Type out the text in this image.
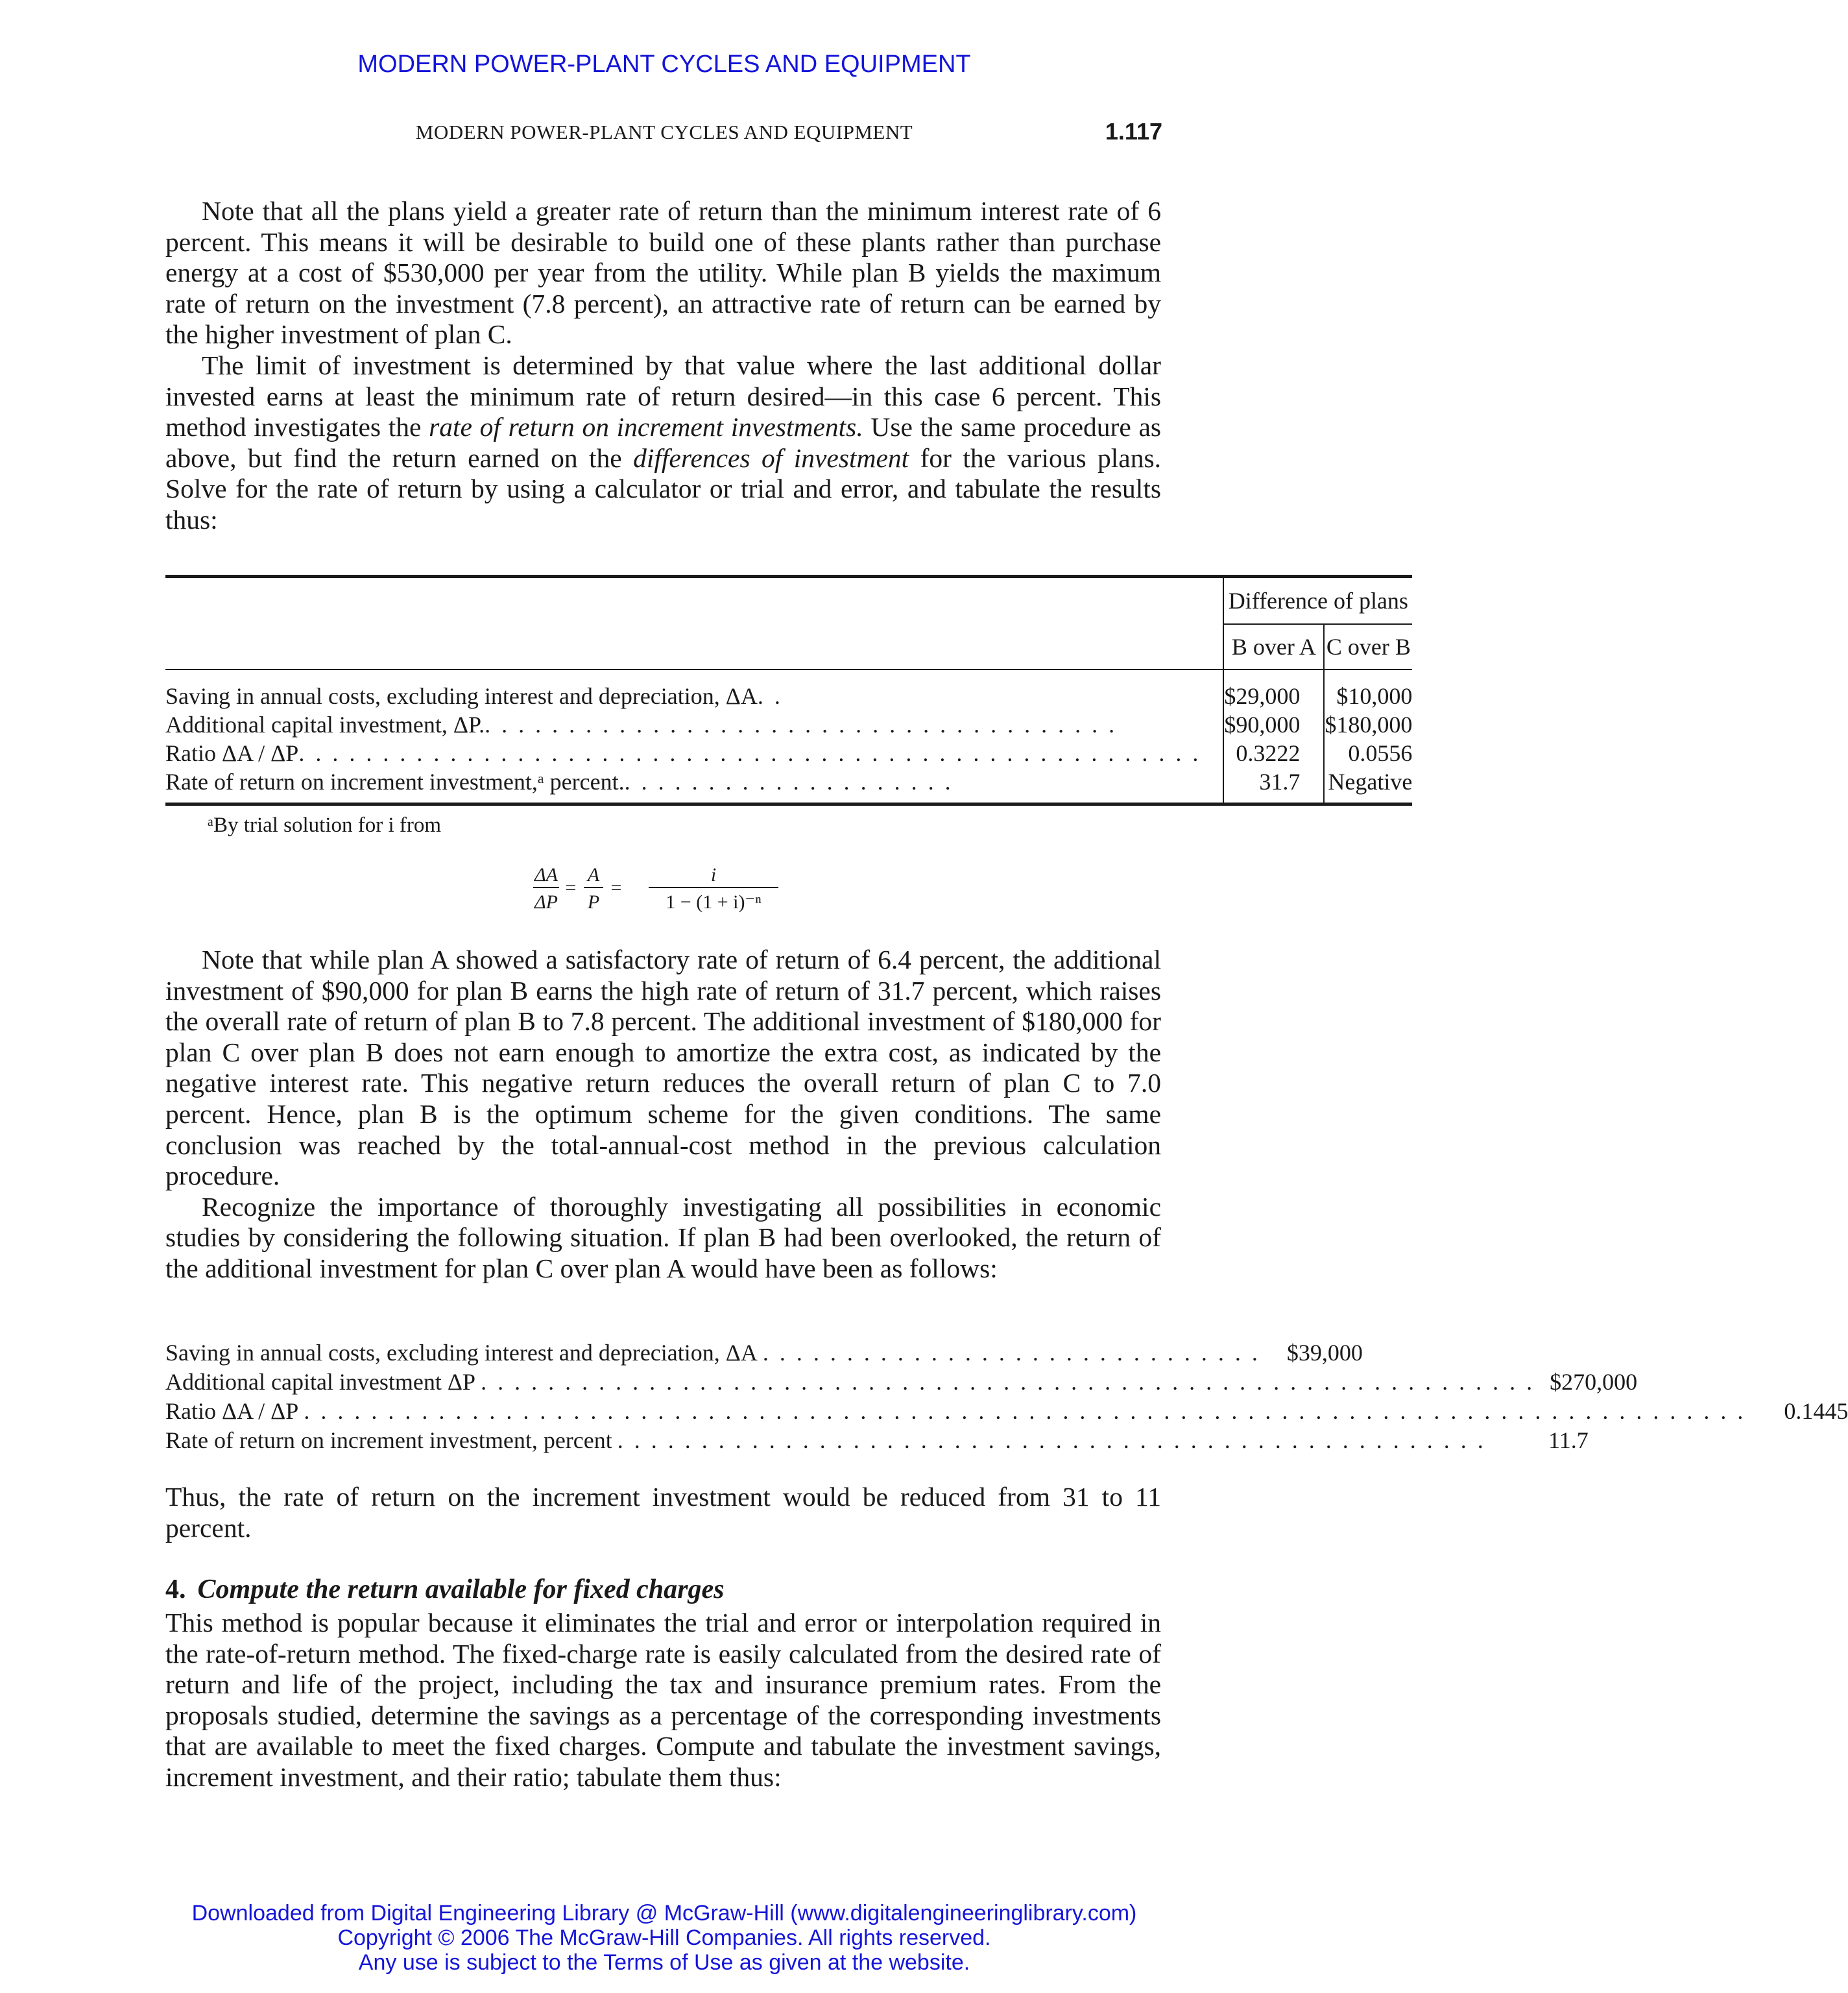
MODERN POWER-PLANT CYCLES AND EQUIPMENT
MODERN POWER-PLANT CYCLES AND EQUIPMENT	1.117

Note that all the plans yield a greater rate of return than the minimum interest rate of 6 percent. This means it will be desirable to build one of these plants rather than purchase energy at a cost of $530,000 per year from the utility. While plan B yields the maximum rate of return on the investment (7.8 percent), an attractive rate of return can be earned by the higher investment of plan C.

The limit of investment is determined by that value where the last additional dollar invested earns at least the minimum rate of return desired—in this case 6 percent. This method investigates the rate of return on increment investments. Use the same procedure as above, but find the return earned on the differences of investment for the various plans. Solve for the rate of return by using a calculator or trial and error, and tabulate the results thus:

	Difference of plans	
	B over A	C over B

Saving in annual costs, excluding interest and depreciation, ΔA . .	$29,000	$10,000

Additional capital investment, ΔP. . . . . . . . . . . . . . . . . . . . . . . . . . . . . . . . . . . . . . .	$90,000	$180,000

Ratio ΔA / ΔP . . . . . . . . . . . . . . . . . . . . . . . . . . . . . . . . . . . . . . . . . . . . . . . . . . . . . .	0.3222	0.0556

Rate of return on increment investment,ᵃ percent. . . . . . . . . . . . . . . . . . . . .	31.7	Negative
ᵃBy trial solution for i from
ΔA
ΔP
=
A
P
=
i
1 − (1 + i)⁻ⁿ

Note that while plan A showed a satisfactory rate of return of 6.4 percent, the additional investment of $90,000 for plan B earns the high rate of return of 31.7 percent, which raises the overall rate of return of plan B to 7.8 percent. The additional investment of $180,000 for plan C over plan B does not earn enough to amortize the extra cost, as indicated by the negative interest rate. This negative return reduces the overall return of plan C to 7.0 percent. Hence, plan B is the optimum scheme for the given conditions. The same conclusion was reached by the total-annual-cost method in the previous calculation procedure.

Recognize the importance of thoroughly investigating all possibilities in economic studies by considering the following situation. If plan B had been overlooked, the return of the additional investment for plan C over plan A would have been as follows:

Saving in annual costs, excluding interest and depreciation, ΔA . . . . . . . . . . . . . . . . . . . . . . . . . . . . . .	$39,000
Additional capital investment ΔP . . . . . . . . . . . . . . . . . . . . . . . . . . . . . . . . . . . . . . . . . . . . . . . . . . . . . . . . . . . . . . . $270,000
Ratio ΔA / ΔP . . . . . . . . . . . . . . . . . . . . . . . . . . . . . . . . . . . . . . . . . . . . . . . . . . . . . . . . . . . . . . . . . . . . . . . . . . . . . . . . . . . . . .	0.1445
Rate of return on increment investment, percent . . . . . . . . . . . . . . . . . . . . . . . . . . . . . . . . . . . . . . . . . . . . . . . . . . . .	11.7

Thus, the rate of return on the increment investment would be reduced from 31 to 11 percent.

4. Compute the return available for fixed charges

This method is popular because it eliminates the trial and error or interpolation required in the rate-of-return method. The fixed-charge rate is easily calculated from the desired rate of return and life of the project, including the tax and insurance premium rates. From the proposals studied, determine the savings as a percentage of the corresponding investments that are available to meet the fixed charges. Compute and tabulate the investment savings, increment investment, and their ratio; tabulate them thus:

Downloaded from Digital Engineering Library @ McGraw-Hill (www.digitalengineeringlibrary.com)
Copyright © 2006 The McGraw-Hill Companies. All rights reserved.
Any use is subject to the Terms of Use as given at the website.
